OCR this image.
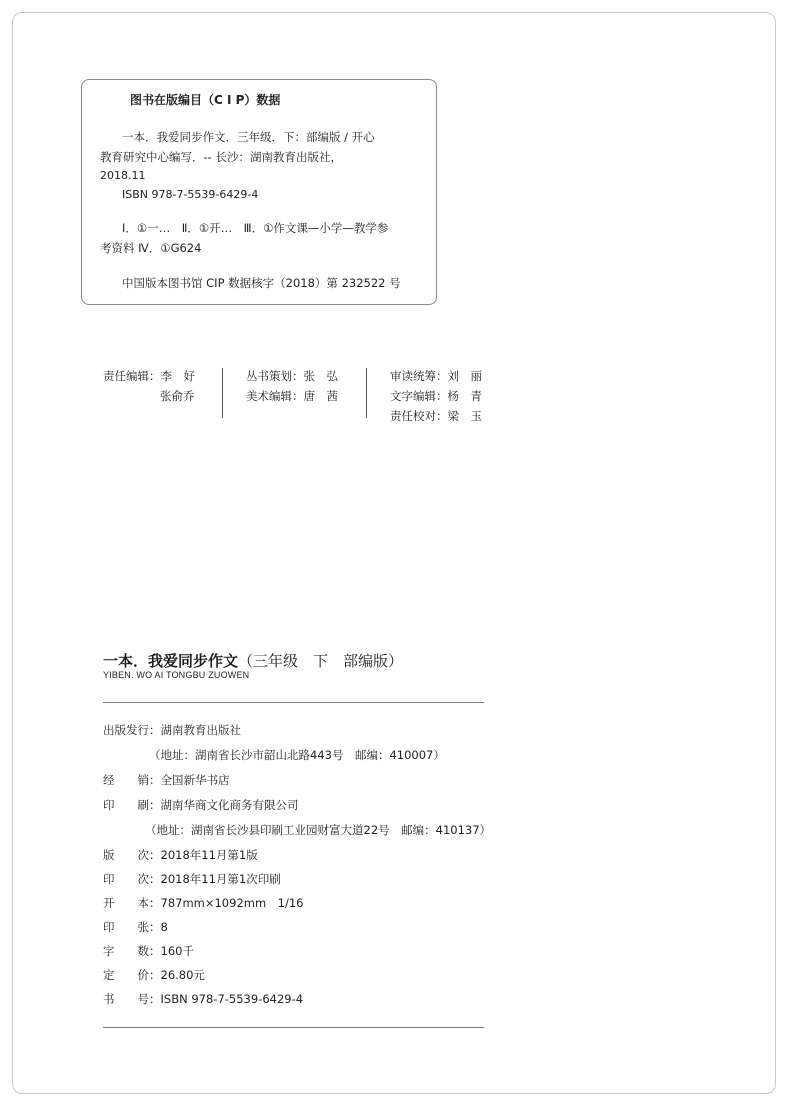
图书在版编目（C I P）数据
一本．我爱同步作文．三年级．下：部编版 / 开心
教育研究中心编写．-- 长沙：湖南教育出版社，
2018.11
ISBN 978-7-5539-6429-4
Ⅰ．①一…　Ⅱ．①开…　Ⅲ．①作文课—小学—教学参
考资料 Ⅳ．①G624
中国版本图书馆 CIP 数据核字（2018）第 232522 号
责任编辑：李　好
张俞乔
丛书策划：张　弘
美术编辑：唐　茜
审读统筹：刘　丽
文字编辑：杨　青
责任校对：梁　玉
一本．我爱同步作文（三年级　下　部编版）
YIBEN. WO AI TONGBU ZUOWEN
出版发行：湖南教育出版社
（地址：湖南省长沙市韶山北路443号　邮编：410007）
经　　销：全国新华书店
印　　刷：湖南华商文化商务有限公司
（地址：湖南省长沙县印刷工业园财富大道22号　邮编：410137）
版　　次：2018年11月第1版
印　　次：2018年11月第1次印刷
开　　本：787mm×1092mm　1/16
印　　张：8
字　　数：160千
定　　价：26.80元
书　　号：ISBN 978-7-5539-6429-4
